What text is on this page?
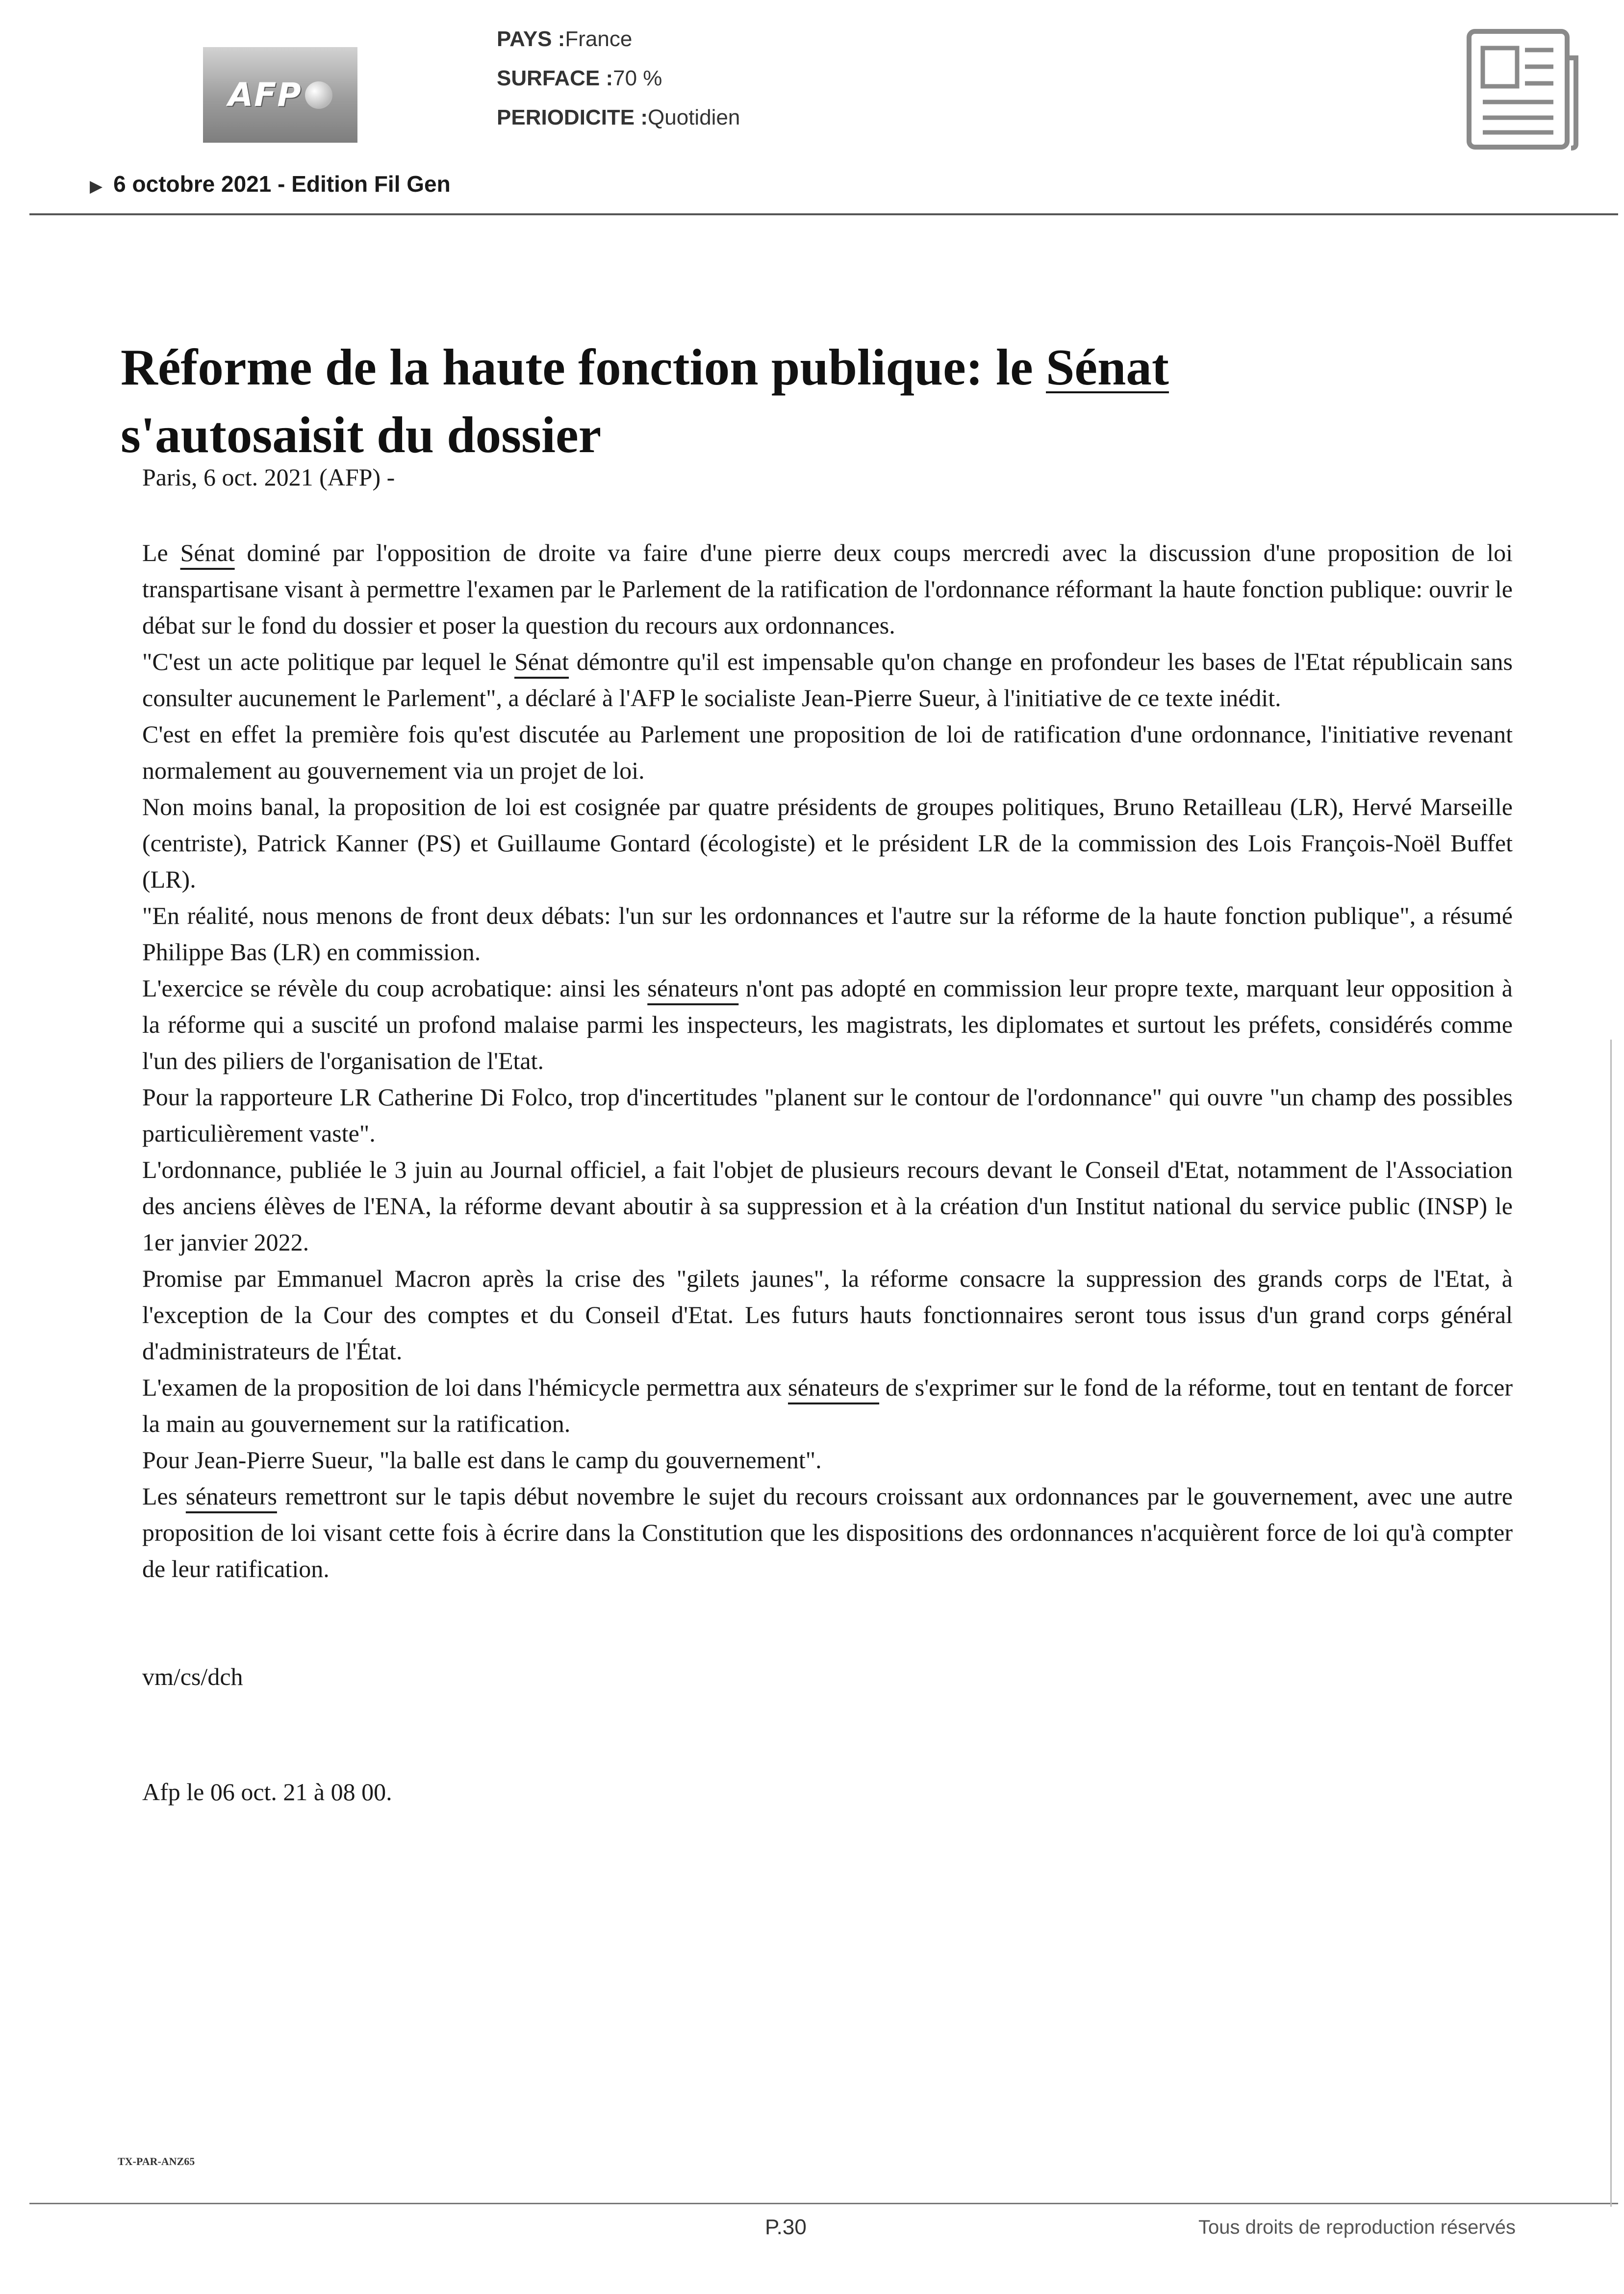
AFP
PAYS :France
SURFACE :70 %
PERIODICITE :Quotidien
▶ 6 octobre 2021 - Edition Fil Gen
Réforme de la haute fonction publique: le Sénat
s'autosaisit du dossier
Paris, 6 oct. 2021 (AFP) -

Le Sénat dominé par l'opposition de droite va faire d'une pierre deux coups mercredi avec la discussion d'une proposition de loi transpartisane visant à permettre l'examen par le Parlement de la ratification de l'ordonnance réformant la haute fonction publique: ouvrir le débat sur le fond du dossier et poser la question du recours aux ordonnances.

"C'est un acte politique par lequel le Sénat démontre qu'il est impensable qu'on change en profondeur les bases de l'Etat républicain sans consulter aucunement le Parlement", a déclaré à l'AFP le socialiste Jean-Pierre Sueur, à l'initiative de ce texte inédit.

C'est en effet la première fois qu'est discutée au Parlement une proposition de loi de ratification d'une ordonnance, l'initiative revenant normalement au gouvernement via un projet de loi.

Non moins banal, la proposition de loi est cosignée par quatre présidents de groupes politiques, Bruno Retailleau (LR), Hervé Marseille (centriste), Patrick Kanner (PS) et Guillaume Gontard (écologiste) et le président LR de la commission des Lois François-Noël Buffet (LR).

"En réalité, nous menons de front deux débats: l'un sur les ordonnances et l'autre sur la réforme de la haute fonction publique", a résumé Philippe Bas (LR) en commission.

L'exercice se révèle du coup acrobatique: ainsi les sénateurs n'ont pas adopté en commission leur propre texte, marquant leur opposition à la réforme qui a suscité un profond malaise parmi les inspecteurs, les magistrats, les diplomates et surtout les préfets, considérés comme l'un des piliers de l'organisation de l'Etat.

Pour la rapporteure LR Catherine Di Folco, trop d'incertitudes "planent sur le contour de l'ordonnance" qui ouvre "un champ des possibles particulièrement vaste".

L'ordonnance, publiée le 3 juin au Journal officiel, a fait l'objet de plusieurs recours devant le Conseil d'Etat, notamment de l'Association des anciens élèves de l'ENA, la réforme devant aboutir à sa suppression et à la création d'un Institut national du service public (INSP) le 1er janvier 2022.

Promise par Emmanuel Macron après la crise des "gilets jaunes", la réforme consacre la suppression des grands corps de l'Etat, à l'exception de la Cour des comptes et du Conseil d'Etat. Les futurs hauts fonctionnaires seront tous issus d'un grand corps général d'administrateurs de l'État.

L'examen de la proposition de loi dans l'hémicycle permettra aux sénateurs de s'exprimer sur le fond de la réforme, tout en tentant de forcer la main au gouvernement sur la ratification.

Pour Jean-Pierre Sueur, "la balle est dans le camp du gouvernement".

Les sénateurs remettront sur le tapis début novembre le sujet du recours croissant aux ordonnances par le gouvernement, avec une autre proposition de loi visant cette fois à écrire dans la Constitution que les dispositions des ordonnances n'acquièrent force de loi qu'à compter de leur ratification.

vm/cs/dch
Afp le 06 oct. 21 à 08 00.
TX-PAR-ANZ65
P.30	Tous droits de reproduction réservés
